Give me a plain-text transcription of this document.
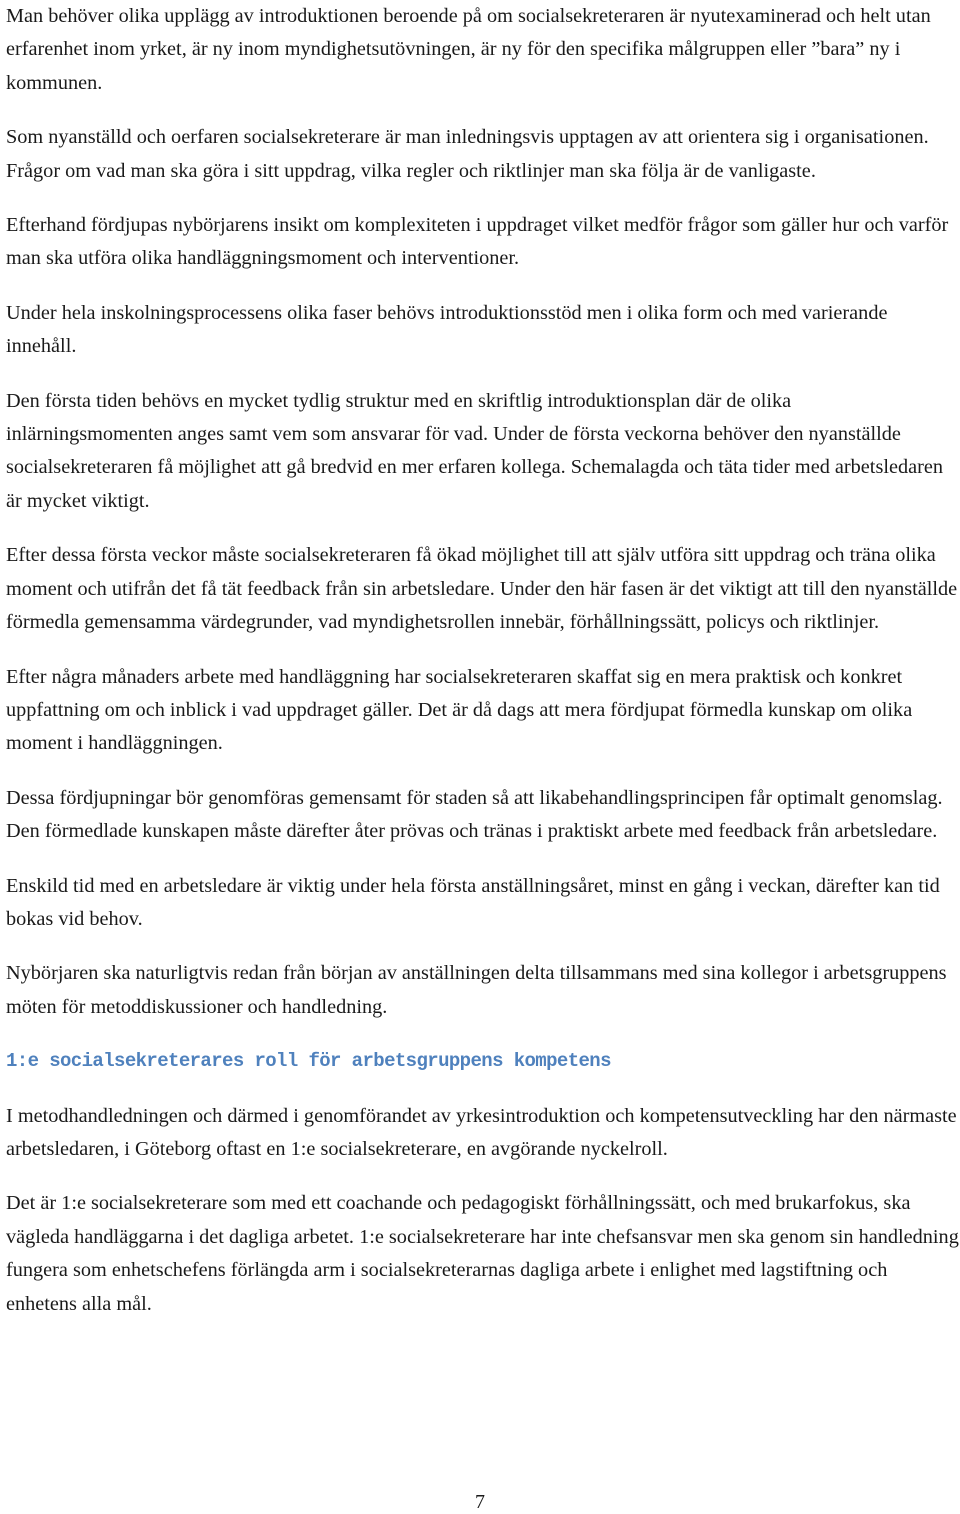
Man behöver olika upplägg av introduktionen beroende på om socialsekreteraren är nyutexaminerad och helt utan erfarenhet inom yrket, är ny inom myndighetsutövningen, är ny för den specifika målgruppen eller ”bara” ny i kommunen.

Som nyanställd och oerfaren socialsekreterare är man inledningsvis upptagen av att orientera sig i organisationen. Frågor om vad man ska göra i sitt uppdrag, vilka regler och riktlinjer man ska följa är de vanligaste.

Efterhand fördjupas nybörjarens insikt om komplexiteten i uppdraget vilket medför frågor som gäller hur och varför man ska utföra olika handläggningsmoment och interventioner.

Under hela inskolningsprocessens olika faser behövs introduktionsstöd men i olika form och med varierande innehåll.

Den första tiden behövs en mycket tydlig struktur med en skriftlig introduktionsplan där de olika inlärningsmomenten anges samt vem som ansvarar för vad. Under de första veckorna behöver den nyanställde socialsekreteraren få möjlighet att gå bredvid en mer erfaren kollega. Schemalagda och täta tider med arbetsledaren är mycket viktigt.

Efter dessa första veckor måste socialsekreteraren få ökad möjlighet till att själv utföra sitt uppdrag och träna olika moment och utifrån det få tät feedback från sin arbetsledare. Under den här fasen är det viktigt att till den nyanställde förmedla gemensamma värdegrunder, vad myndighetsrollen innebär, förhållningssätt, policys och riktlinjer.

Efter några månaders arbete med handläggning har socialsekreteraren skaffat sig en mera praktisk och konkret uppfattning om och inblick i vad uppdraget gäller. Det är då dags att mera fördjupat förmedla kunskap om olika moment i handläggningen.

Dessa fördjupningar bör genomföras gemensamt för staden så att likabehandlingsprincipen får optimalt genomslag. Den förmedlade kunskapen måste därefter åter prövas och tränas i praktiskt arbete med feedback från arbetsledare.

Enskild tid med en arbetsledare är viktig under hela första anställningsåret, minst en gång i veckan, därefter kan tid bokas vid behov.

Nybörjaren ska naturligtvis redan från början av anställningen delta tillsammans med sina kollegor i arbetsgruppens möten för metoddiskussioner och handledning.

1:e socialsekreterares roll för arbetsgruppens kompetens

I metodhandledningen och därmed i genomförandet av yrkesintroduktion och kompetensutveckling har den närmaste arbetsledaren, i Göteborg oftast en 1:e socialsekreterare, en avgörande nyckelroll.

Det är 1:e socialsekreterare som med ett coachande och pedagogiskt förhållningssätt, och med brukarfokus, ska vägleda handläggarna i det dagliga arbetet. 1:e socialsekreterare har inte chefsansvar men ska genom sin handledning fungera som enhetschefens förlängda arm i socialsekreterarnas dagliga arbete i enlighet med lagstiftning och enhetens alla mål.

7
